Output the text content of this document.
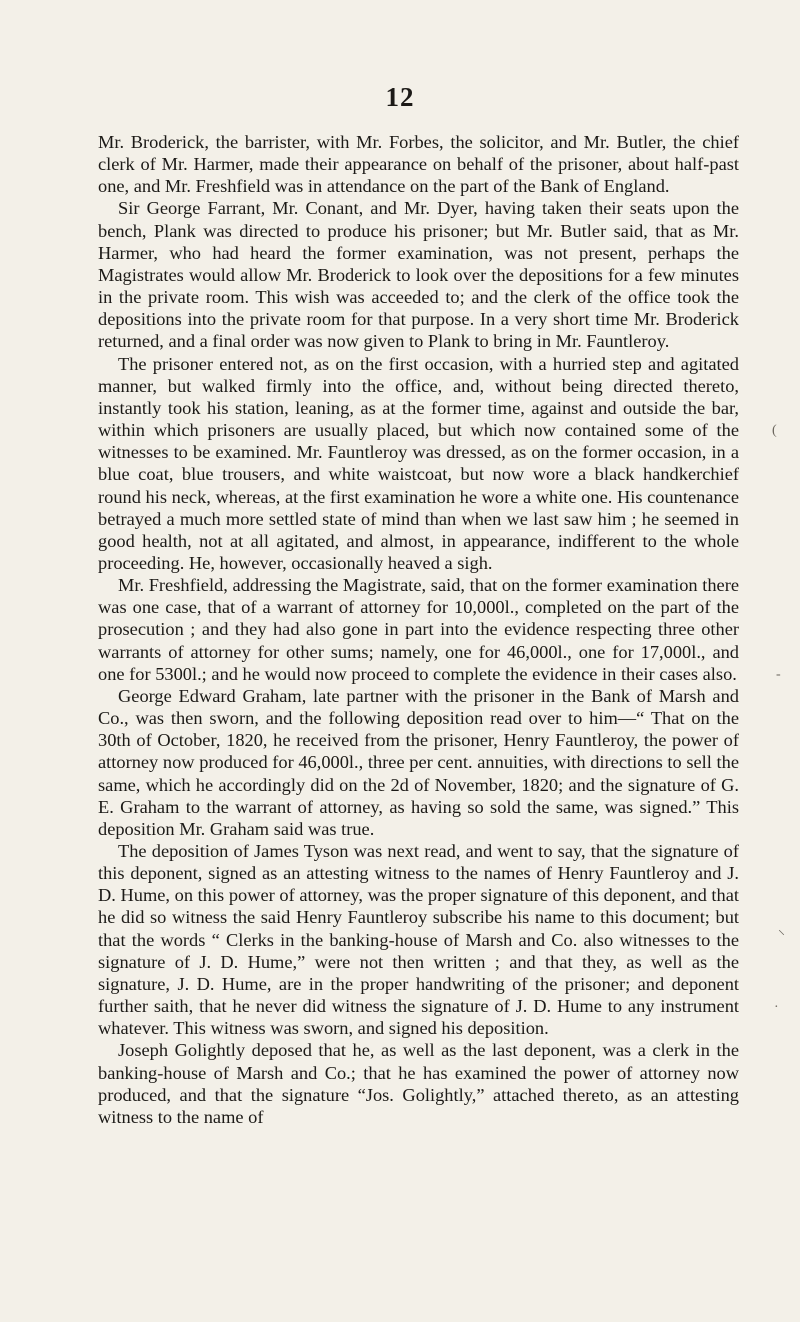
12

Mr. Broderick, the barrister, with Mr. Forbes, the solicitor, and Mr. Butler, the chief clerk of Mr. Harmer, made their appearance on behalf of the prisoner, about half-past one, and Mr. Freshfield was in attendance on the part of the Bank of England.

Sir George Farrant, Mr. Conant, and Mr. Dyer, having taken their seats upon the bench, Plank was directed to produce his prisoner; but Mr. Butler said, that as Mr. Harmer, who had heard the former examination, was not present, perhaps the Magistrates would allow Mr. Broderick to look over the depositions for a few minutes in the private room. This wish was acceeded to; and the clerk of the office took the depositions into the private room for that purpose. In a very short time Mr. Broderick returned, and a final order was now given to Plank to bring in Mr. Fauntleroy.

The prisoner entered not, as on the first occasion, with a hurried step and agitated manner, but walked firmly into the office, and, without being directed thereto, instantly took his station, leaning, as at the former time, against and outside the bar, within which prisoners are usually placed, but which now contained some of the witnesses to be examined. Mr. Fauntleroy was dressed, as on the former occasion, in a blue coat, blue trousers, and white waistcoat, but now wore a black handkerchief round his neck, whereas, at the first examination he wore a white one. His countenance betrayed a much more settled state of mind than when we last saw him ; he seemed in good health, not at all agitated, and almost, in appearance, indifferent to the whole proceeding. He, however, occasionally heaved a sigh.

Mr. Freshfield, addressing the Magistrate, said, that on the former examination there was one case, that of a warrant of attorney for 10,000l., completed on the part of the prosecution ; and they had also gone in part into the evidence respecting three other warrants of attorney for other sums; namely, one for 46,000l., one for 17,000l., and one for 5300l.; and he would now proceed to complete the evidence in their cases also.

George Edward Graham, late partner with the prisoner in the Bank of Marsh and Co., was then sworn, and the following deposition read over to him—“ That on the 30th of October, 1820, he received from the prisoner, Henry Fauntleroy, the power of attorney now produced for 46,000l., three per cent. annuities, with directions to sell the same, which he accordingly did on the 2d of November, 1820; and the signature of G. E. Graham to the warrant of attorney, as having so sold the same, was signed.” This deposition Mr. Graham said was true.

The deposition of James Tyson was next read, and went to say, that the signature of this deponent, signed as an attesting witness to the names of Henry Fauntleroy and J. D. Hume, on this power of attorney, was the proper signature of this deponent, and that he did so witness the said Henry Fauntleroy subscribe his name to this document; but that the words “ Clerks in the banking-house of Marsh and Co. also witnesses to the signature of J. D. Hume,” were not then written ; and that they, as well as the signature, J. D. Hume, are in the proper handwriting of the prisoner; and deponent further saith, that he never did witness the signature of J. D. Hume to any instrument whatever. This witness was sworn, and signed his deposition.

Joseph Golightly deposed that he, as well as the last deponent, was a clerk in the banking-house of Marsh and Co.; that he has examined the power of attorney now produced, and that the signature “Jos. Golightly,” attached thereto, as an attesting witness to the name of

(
-
⸜
·
